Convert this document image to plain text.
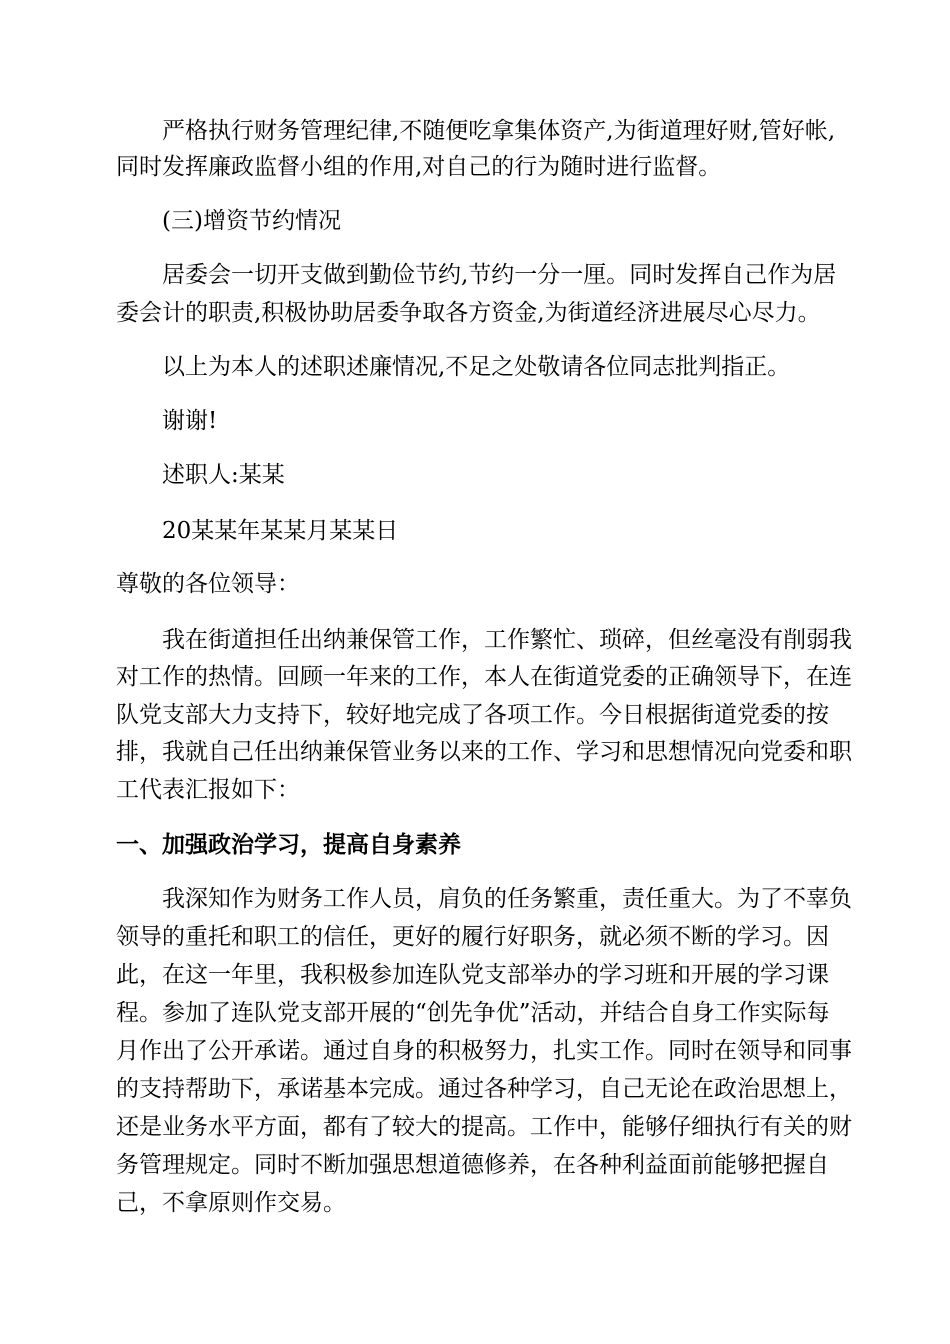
严格执行财务管理纪律,不随便吃拿集体资产,为街道理好财,管好帐,
同时发挥廉政监督小组的作用,对自己的行为随时进行监督。
(三)增资节约情况
居委会一切开支做到勤俭节约,节约一分一厘。同时发挥自己作为居
委会计的职责,积极协助居委争取各方资金,为街道经济进展尽心尽力。
以上为本人的述职述廉情况,不足之处敬请各位同志批判指正。
谢谢!
述职人:某某
20某某年某某月某某日
尊敬的各位领导：
我在街道担任出纳兼保管工作，工作繁忙、琐碎，但丝毫没有削弱我
对工作的热情。回顾一年来的工作，本人在街道党委的正确领导下，在连
队党支部大力支持下，较好地完成了各项工作。今日根据街道党委的按
排，我就自己任出纳兼保管业务以来的工作、学习和思想情况向党委和职
工代表汇报如下：
一、加强政治学习，提高自身素养
我深知作为财务工作人员，肩负的任务繁重，责任重大。为了不辜负
领导的重托和职工的信任，更好的履行好职务，就必须不断的学习。因
此，在这一年里，我积极参加连队党支部举办的学习班和开展的学习课
程。参加了连队党支部开展的“创先争优”活动，并结合自身工作实际每
月作出了公开承诺。通过自身的积极努力，扎实工作。同时在领导和同事
的支持帮助下，承诺基本完成。通过各种学习，自己无论在政治思想上，
还是业务水平方面，都有了较大的提高。工作中，能够仔细执行有关的财
务管理规定。同时不断加强思想道德修养，在各种利益面前能够把握自
己，不拿原则作交易。
